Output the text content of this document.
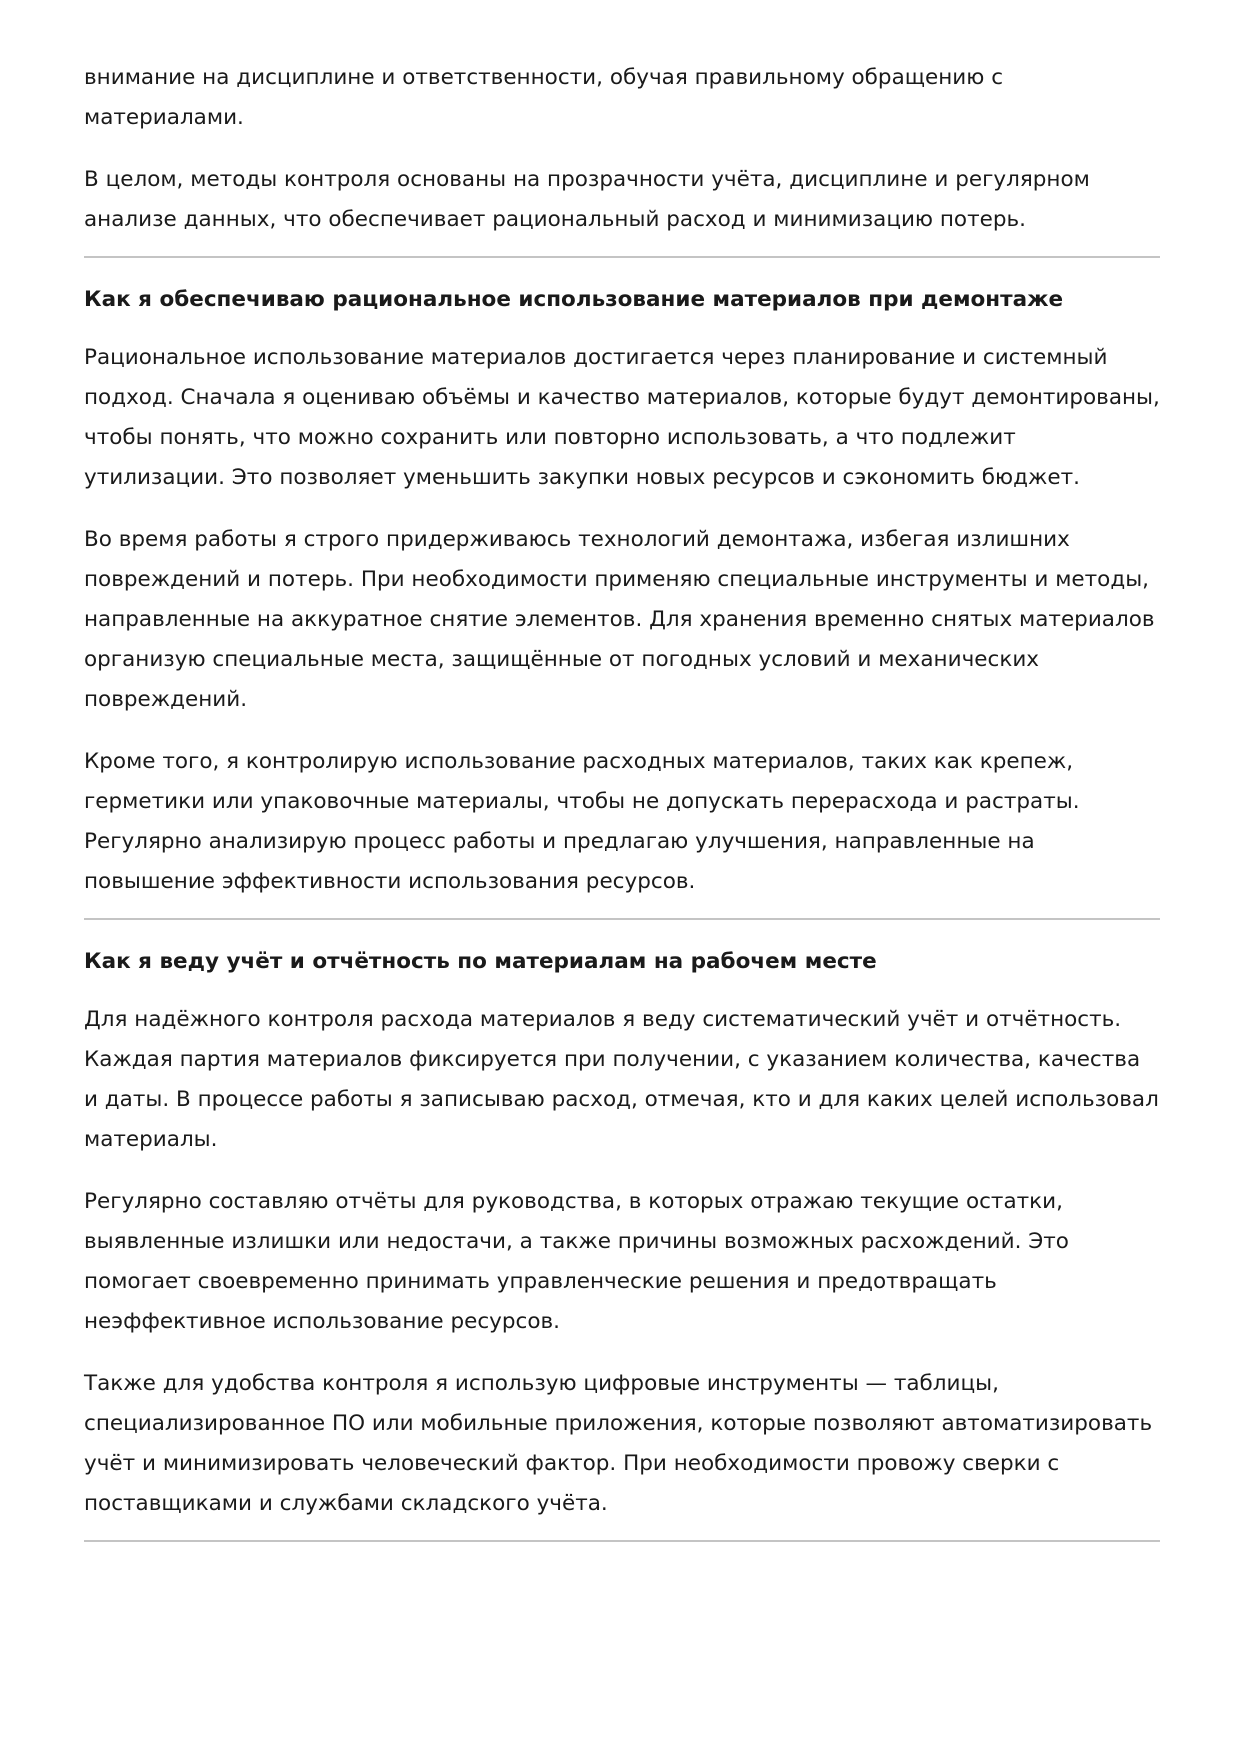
внимание на дисциплине и ответственности, обучая правильному обращению с материалами.

В целом, методы контроля основаны на прозрачности учёта, дисциплине и регулярном анализе данных, что обеспечивает рациональный расход и минимизацию потерь.

Как я обеспечиваю рациональное использование материалов при демонтаже

Рациональное использование материалов достигается через планирование и системный подход. Сначала я оцениваю объёмы и качество материалов, которые будут демонтированы, чтобы понять, что можно сохранить или повторно использовать, а что подлежит утилизации. Это позволяет уменьшить закупки новых ресурсов и сэкономить бюджет.

Во время работы я строго придерживаюсь технологий демонтажа, избегая излишних повреждений и потерь. При необходимости применяю специальные инструменты и методы, направленные на аккуратное снятие элементов. Для хранения временно снятых материалов организую специальные места, защищённые от погодных условий и механических повреждений.

Кроме того, я контролирую использование расходных материалов, таких как крепеж, герметики или упаковочные материалы, чтобы не допускать перерасхода и растраты. Регулярно анализирую процесс работы и предлагаю улучшения, направленные на повышение эффективности использования ресурсов.

Как я веду учёт и отчётность по материалам на рабочем месте

Для надёжного контроля расхода материалов я веду систематический учёт и отчётность. Каждая партия материалов фиксируется при получении, с указанием количества, качества и даты. В процессе работы я записываю расход, отмечая, кто и для каких целей использовал материалы.

Регулярно составляю отчёты для руководства, в которых отражаю текущие остатки, выявленные излишки или недостачи, а также причины возможных расхождений. Это помогает своевременно принимать управленческие решения и предотвращать неэффективное использование ресурсов.

Также для удобства контроля я использую цифровые инструменты — таблицы, специализированное ПО или мобильные приложения, которые позволяют автоматизировать учёт и минимизировать человеческий фактор. При необходимости провожу сверки с поставщиками и службами складского учёта.
